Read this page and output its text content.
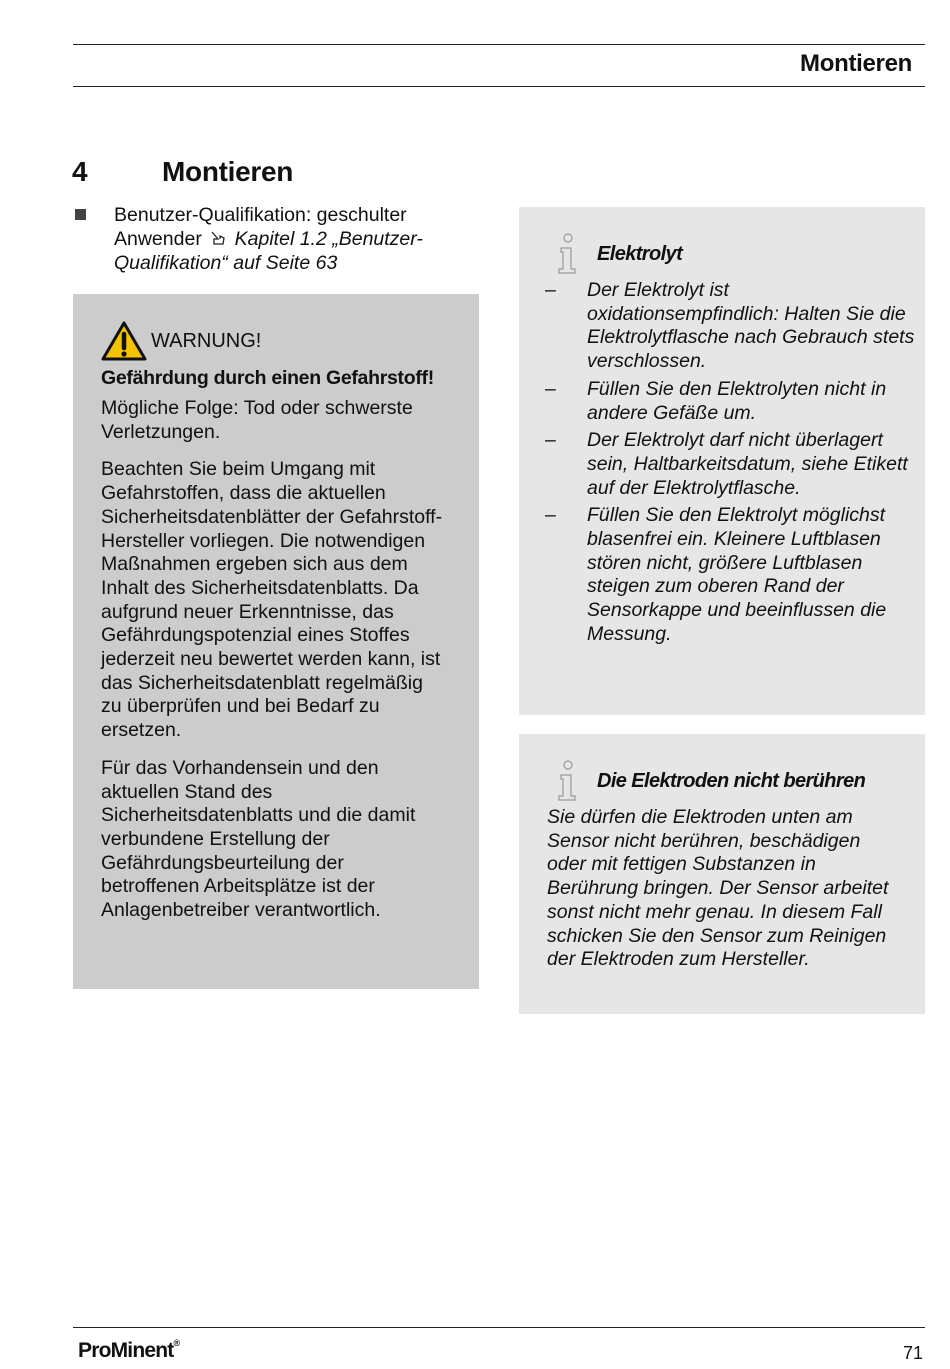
Montieren
4	Montieren
Benutzer-Qualifikation: geschulter Anwender Kapitel 1.2 „Benutzer-Qualifikation“ auf Seite 63
WARNUNG!
Gefährdung durch einen Gefahrstoff!

Mögliche Folge: Tod oder schwerste Verletzungen.

Beachten Sie beim Umgang mit Gefahrstoffen, dass die aktuellen Sicherheitsdatenblätter der Gefahrstoff-Hersteller vorliegen. Die notwendigen Maßnahmen ergeben sich aus dem Inhalt des Sicherheitsdatenblatts. Da aufgrund neuer Erkenntnisse, das Gefährdungspotenzial eines Stoffes jederzeit neu bewertet werden kann, ist das Sicherheitsdatenblatt regelmäßig zu überprüfen und bei Bedarf zu ersetzen.

Für das Vorhandensein und den aktuellen Stand des Sicherheitsdatenblatts und die damit verbundene Erstellung der Gefährdungsbeurteilung der betroffenen Arbeitsplätze ist der Anlagenbetreiber verantwortlich.

Elektrolyt
– Der Elektrolyt ist oxidationsempfindlich: Halten Sie die Elektrolytflasche nach Gebrauch stets verschlossen.
– Füllen Sie den Elektrolyten nicht in andere Gefäße um.
– Der Elektrolyt darf nicht überlagert sein, Haltbarkeitsdatum, siehe Etikett auf der Elektrolytflasche.
– Füllen Sie den Elektrolyt möglichst blasenfrei ein. Kleinere Luftblasen stören nicht, größere Luftblasen steigen zum oberen Rand der Sensorkappe und beeinflussen die Messung.
Die Elektroden nicht berühren
Sie dürfen die Elektroden unten am Sensor nicht berühren, beschädigen oder mit fettigen Substanzen in Berührung bringen. Der Sensor arbeitet sonst nicht mehr genau. In diesem Fall schicken Sie den Sensor zum Reinigen der Elektroden zum Hersteller.
ProMinent®	71
